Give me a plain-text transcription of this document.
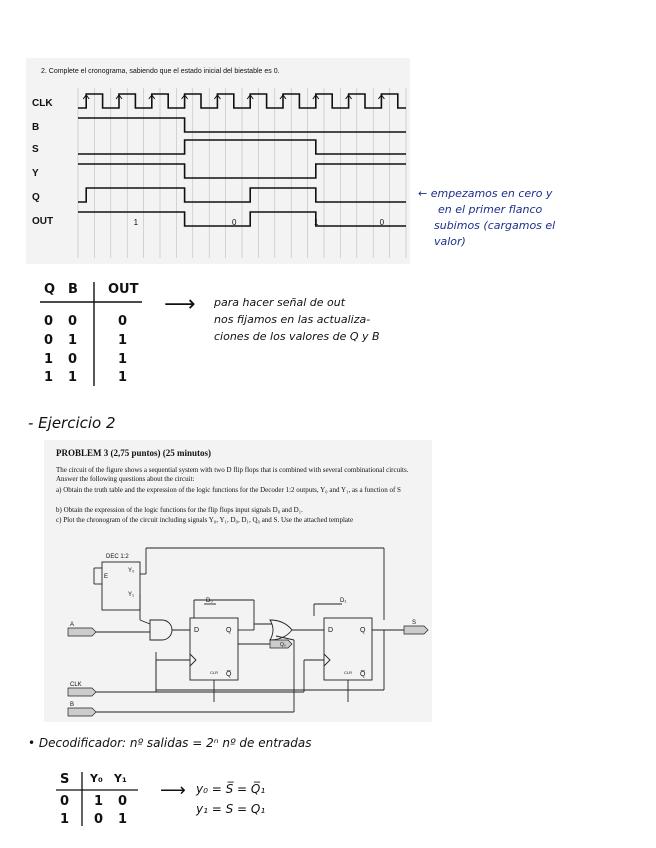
2. Complete el cronograma, sabiendo que el estado inicial del biestable es 0.
CLK
B
S
Y
Q
OUT	1	0	1	0
← empezamos en cero y
en el primer flanco
subimos (cargamos el
valor)
Q B OUT
0 0	0
0 1	1
1 0	1
1 1	1
⟶ para hacer señal de out
nos fijamos en las actualiza-
ciones de los valores de Q y B
- Ejercicio 2
PROBLEM 3 (2,75 puntos) (25 minutos)
The circuit of the figure shows a sequential system with two D flip flops that is combined with several combinational circuits. Answer the following questions about the circuit:
a) Obtain the truth table and the expression of the logic functions for the Decoder 1:2 outputs, Y₀ and Y₁, as a function of S
b) Obtain the expression of the logic functions for the flip flops input signals D₀ and D₁.
c) Plot the chronogram of the circuit including signals Y₀, Y₁, D₀, D₁, Q₀ and S. Use the attached template
DEC 1:2
E
Y₀
Y₁
D₀	D₁
Q₀
A	S
CLK
B
D	Q
Q̅
CLR
D	Q
Q̅
CLR
• Decodificador: nº salidas = 2ⁿ nº de entradas
S Y₀ Y₁
0 1 0
1 0 1
⟶ y₀ = S̅ = Q̅₁
y₁ = S = Q₁
